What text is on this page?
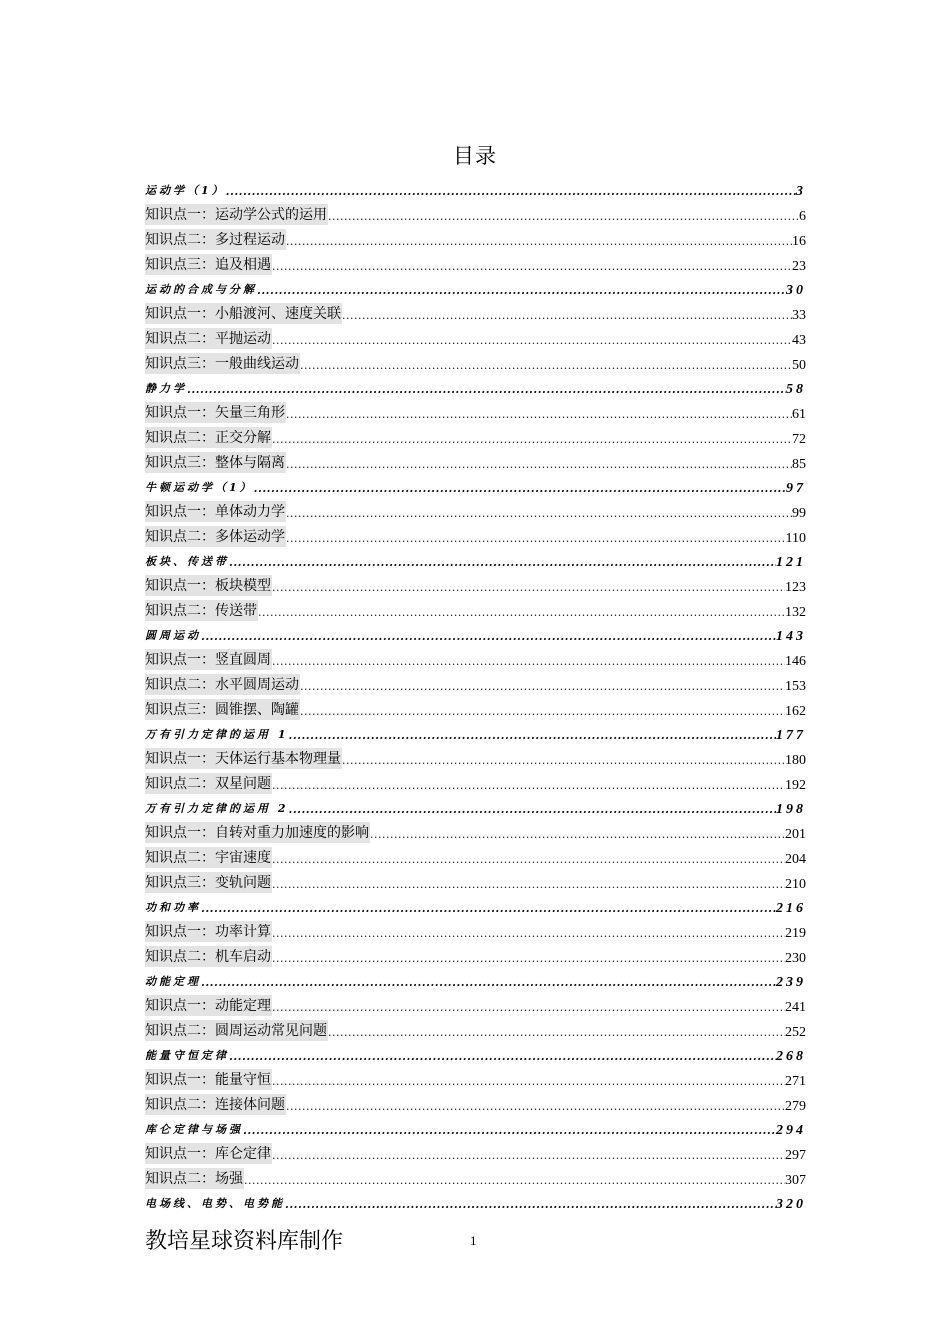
目录
运动学（1） .....	3
知识点一：运动学公式的运用 .....	6
知识点二：多过程运动 .....	16
知识点三：追及相遇 .....	23
运动的合成与分解 .....	30
知识点一：小船渡河、速度关联 .....	33
知识点二：平抛运动 .....	43
知识点三：一般曲线运动 .....	50
静力学 .....	58
知识点一：矢量三角形 .....	61
知识点二：正交分解 .....	72
知识点三：整体与隔离 .....	85
牛顿运动学（1） .....	97
知识点一：单体动力学 .....	99
知识点二：多体运动学 .....	110
板块、传送带 .....	121
知识点一：板块模型 .....	123
知识点二：传送带 .....	132
圆周运动 .....	143
知识点一：竖直圆周 .....	146
知识点二：水平圆周运动 .....	153
知识点三：圆锥摆、陶罐 .....	162
万有引力定律的运用 1 .....	177
知识点一：天体运行基本物理量 .....	180
知识点二：双星问题 .....	192
万有引力定律的运用 2 .....	198
知识点一：自转对重力加速度的影响 .....	201
知识点二：宇宙速度 .....	204
知识点三：变轨问题 .....	210
功和功率 .....	216
知识点一：功率计算 .....	219
知识点二：机车启动 .....	230
动能定理 .....	239
知识点一：动能定理 .....	241
知识点二：圆周运动常见问题 .....	252
能量守恒定律 .....	268
知识点一：能量守恒 .....	271
知识点二：连接体问题 .....	279
库仑定律与场强 .....	294
知识点一：库仑定律 .....	297
知识点二：场强 .....	307
电场线、电势、电势能 .....	320
教培星球资料库制作	1
